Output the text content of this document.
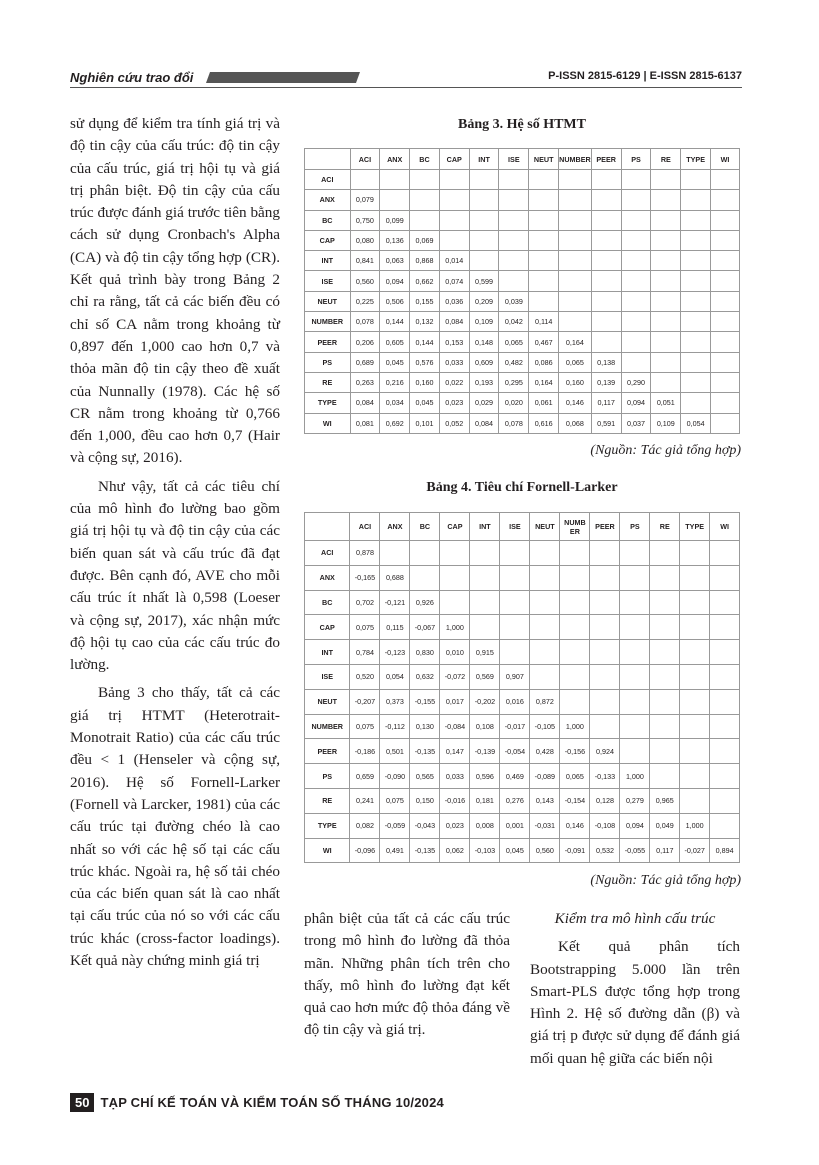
Nghiên cứu trao đổi	P-ISSN 2815-6129 | E-ISSN 2815-6137

sử dụng để kiểm tra tính giá trị và độ tin cậy của cấu trúc: độ tin cậy của cấu trúc, giá trị hội tụ và giá trị phân biệt. Độ tin cậy của cấu trúc được đánh giá trước tiên bằng cách sử dụng Cronbach's Alpha (CA) và độ tin cậy tổng hợp (CR). Kết quả trình bày trong Bảng 2 chỉ ra rằng, tất cả các biến đều có chỉ số CA nằm trong khoảng từ 0,897 đến 1,000 cao hơn 0,7 và thỏa mãn độ tin cậy theo đề xuất của Nunnally (1978). Các hệ số CR nằm trong khoảng từ 0,766 đến 1,000, đều cao hơn 0,7 (Hair và cộng sự, 2016).

Như vậy, tất cả các tiêu chí của mô hình đo lường bao gồm giá trị hội tụ và độ tin cậy của các biến quan sát và cấu trúc đã đạt được. Bên cạnh đó, AVE cho mỗi cấu trúc ít nhất là 0,598 (Loeser và cộng sự, 2017), xác nhận mức độ hội tụ cao của các cấu trúc đo lường.

Bảng 3 cho thấy, tất cả các giá trị HTMT (Heterotrait-Monotrait Ratio) của các cấu trúc đều < 1 (Henseler và cộng sự, 2016). Hệ số Fornell-Larker (Fornell và Larcker, 1981) của các cấu trúc tại đường chéo là cao nhất so với các hệ số tại các cấu trúc khác. Ngoài ra, hệ số tải chéo của các biến quan sát là cao nhất tại cấu trúc của nó so với các cấu trúc khác (cross-factor loadings). Kết quả này chứng minh giá trị

Bảng 3. Hệ số HTMT
	ACI	ANX	BC	CAP	INT	ISE	NEUT	NUMBER	PEER	PS	RE	TYPE	WI
ACI													
ANX	0,079												
BC	0,750	0,099											
CAP	0,080	0,136	0,069										
INT	0,841	0,063	0,868	0,014									
ISE	0,560	0,094	0,662	0,074	0,599								
NEUT	0,225	0,506	0,155	0,036	0,209	0,039							
NUMBER	0,078	0,144	0,132	0,084	0,109	0,042	0,114						
PEER	0,206	0,605	0,144	0,153	0,148	0,065	0,467	0,164					
PS	0,689	0,045	0,576	0,033	0,609	0,482	0,086	0,065	0,138				
RE	0,263	0,216	0,160	0,022	0,193	0,295	0,164	0,160	0,139	0,290			
TYPE	0,084	0,034	0,045	0,023	0,029	0,020	0,061	0,146	0,117	0,094	0,051		
WI	0,081	0,692	0,101	0,052	0,084	0,078	0,616	0,068	0,591	0,037	0,109	0,054	
(Nguồn: Tác giả tổng hợp)
Bảng 4. Tiêu chí Fornell-Larker
	ACI	ANX	BC	CAP	INT	ISE	NEUT	NUMB ER	PEER	PS	RE	TYPE	WI
ACI	0,878												
ANX	-0,165	0,688											
BC	0,702	-0,121	0,926										
CAP	0,075	0,115	-0,067	1,000									
INT	0,784	-0,123	0,830	0,010	0,915								
ISE	0,520	0,054	0,632	-0,072	0,569	0,907							
NEUT	-0,207	0,373	-0,155	0,017	-0,202	0,016	0,872						
NUMBER	0,075	-0,112	0,130	-0,084	0,108	-0,017	-0,105	1,000					
PEER	-0,186	0,501	-0,135	0,147	-0,139	-0,054	0,428	-0,156	0,924				
PS	0,659	-0,090	0,565	0,033	0,596	0,469	-0,089	0,065	-0,133	1,000			
RE	0,241	0,075	0,150	-0,016	0,181	0,276	0,143	-0,154	0,128	0,279	0,965		
TYPE	0,082	-0,059	-0,043	0,023	0,008	0,001	-0,031	0,146	-0,108	0,094	0,049	1,000	
WI	-0,096	0,491	-0,135	0,062	-0,103	0,045	0,560	-0,091	0,532	-0,055	0,117	-0,027	0,894
(Nguồn: Tác giả tổng hợp)

phân biệt của tất cả các cấu trúc trong mô hình đo lường đã thỏa mãn. Những phân tích trên cho thấy, mô hình đo lường đạt kết quả cao hơn mức độ thỏa đáng về độ tin cậy và giá trị.

Kiểm tra mô hình cấu trúc

Kết quả phân tích Bootstrapping 5.000 lần trên Smart-PLS được tổng hợp trong Hình 2. Hệ số đường dẫn (β) và giá trị p được sử dụng để đánh giá mối quan hệ giữa các biến nội

50 TẠP CHÍ KẾ TOÁN VÀ KIỂM TOÁN SỐ THÁNG 10/2024
